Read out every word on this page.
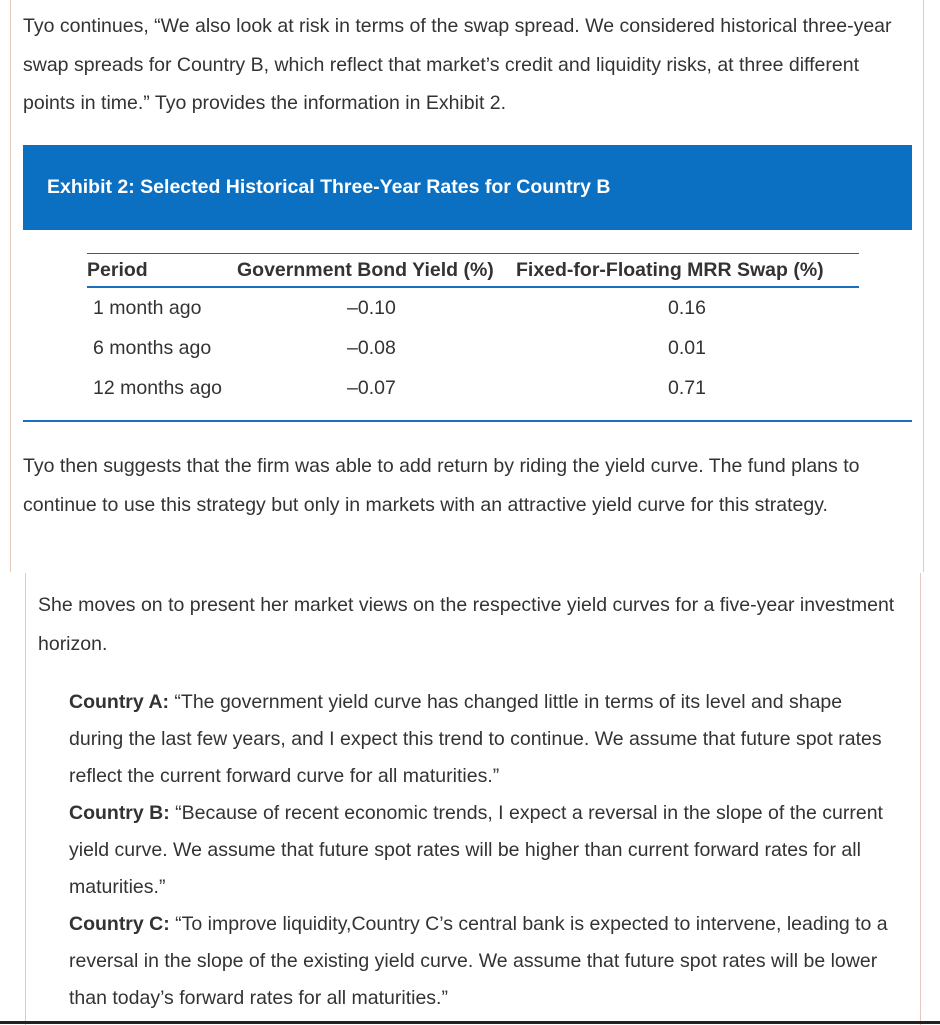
Tyo continues, “We also look at risk in terms of the swap spread. We considered historical three-year swap spreads for Country B, which reflect that market’s credit and liquidity risks, at three different points in time.” Tyo provides the information in Exhibit 2.

Exhibit 2: Selected Historical Three-Year Rates for Country B
Period	Government Bond Yield (%)	Fixed-for-Floating MRR Swap (%)
1 month ago	–0.10	0.16
6 months ago	–0.08	0.01
12 months ago	–0.07	0.71

Tyo then suggests that the firm was able to add return by riding the yield curve. The fund plans to continue to use this strategy but only in markets with an attractive yield curve for this strategy.

She moves on to present her market views on the respective yield curves for a five-year investment horizon.

Country A: “The government yield curve has changed little in terms of its level and shape during the last few years, and I expect this trend to continue. We assume that future spot rates reflect the current forward curve for all maturities.”

Country B: “Because of recent economic trends, I expect a reversal in the slope of the current yield curve. We assume that future spot rates will be higher than current forward rates for all maturities.”

Country C: “To improve liquidity,Country C’s central bank is expected to intervene, leading to a reversal in the slope of the existing yield curve. We assume that future spot rates will be lower than today’s forward rates for all maturities.”
